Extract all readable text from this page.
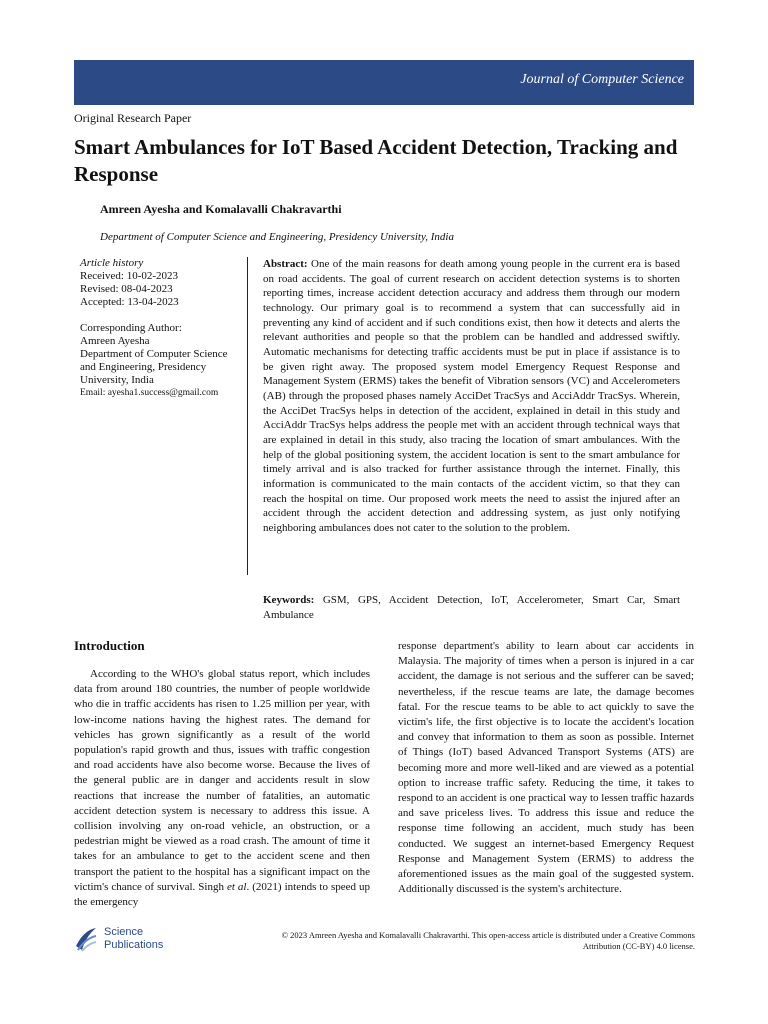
Journal of Computer Science
Original Research Paper
Smart Ambulances for IoT Based Accident Detection, Tracking and Response
Amreen Ayesha and Komalavalli Chakravarthi
Department of Computer Science and Engineering, Presidency University, India
Article history
Received: 10-02-2023
Revised: 08-04-2023
Accepted: 13-04-2023
Corresponding Author:
Amreen Ayesha
Department of Computer Science and Engineering, Presidency University, India
Email: ayesha1.success@gmail.com

Abstract: One of the main reasons for death among young people in the current era is based on road accidents. The goal of current research on accident detection systems is to shorten reporting times, increase accident detection accuracy and address them through our modern technology. Our primary goal is to recommend a system that can successfully aid in preventing any kind of accident and if such conditions exist, then how it detects and alerts the relevant authorities and people so that the problem can be handled and addressed swiftly. Automatic mechanisms for detecting traffic accidents must be put in place if assistance is to be given right away. The proposed system model Emergency Request Response and Management System (ERMS) takes the benefit of Vibration sensors (VC) and Accelerometers (AB) through the proposed phases namely AcciDet TracSys and AcciAddr TracSys. Wherein, the AcciDet TracSys helps in detection of the accident, explained in detail in this study and AcciAddr TracSys helps address the people met with an accident through technical ways that are explained in detail in this study, also tracing the location of smart ambulances. With the help of the global positioning system, the accident location is sent to the smart ambulance for timely arrival and is also tracked for further assistance through the internet. Finally, this information is communicated to the main contacts of the accident victim, so that they can reach the hospital on time. Our proposed work meets the need to assist the injured after an accident through the accident detection and addressing system, as just only notifying neighboring ambulances does not cater to the solution to the problem.

Keywords: GSM, GPS, Accident Detection, IoT, Accelerometer, Smart Car, Smart Ambulance

Introduction

According to the WHO's global status report, which includes data from around 180 countries, the number of people worldwide who die in traffic accidents has risen to 1.25 million per year, with low-income nations having the highest rates. The demand for vehicles has grown significantly as a result of the world population's rapid growth and thus, issues with traffic congestion and road accidents have also become worse. Because the lives of the general public are in danger and accidents result in slow reactions that increase the number of fatalities, an automatic accident detection system is necessary to address this issue. A collision involving any on-road vehicle, an obstruction, or a pedestrian might be viewed as a road crash. The amount of time it takes for an ambulance to get to the accident scene and then transport the patient to the hospital has a significant impact on the victim's chance of survival. Singh et al. (2021) intends to speed up the emergency

response department's ability to learn about car accidents in Malaysia. The majority of times when a person is injured in a car accident, the damage is not serious and the sufferer can be saved; nevertheless, if the rescue teams are late, the damage becomes fatal. For the rescue teams to be able to act quickly to save the victim's life, the first objective is to locate the accident's location and convey that information to them as soon as possible. Internet of Things (IoT) based Advanced Transport Systems (ATS) are becoming more and more well-liked and are viewed as a potential option to increase traffic safety. Reducing the time, it takes to respond to an accident is one practical way to lessen traffic hazards and save priceless lives. To address this issue and reduce the response time following an accident, much study has been conducted. We suggest an internet-based Emergency Request Response and Management System (ERMS) to address the aforementioned issues as the main goal of the suggested system. Additionally discussed is the system's architecture.

Science
Publications
© 2023 Amreen Ayesha and Komalavalli Chakravarthi. This open-access article is distributed under a Creative Commons
Attribution (CC-BY) 4.0 license.
